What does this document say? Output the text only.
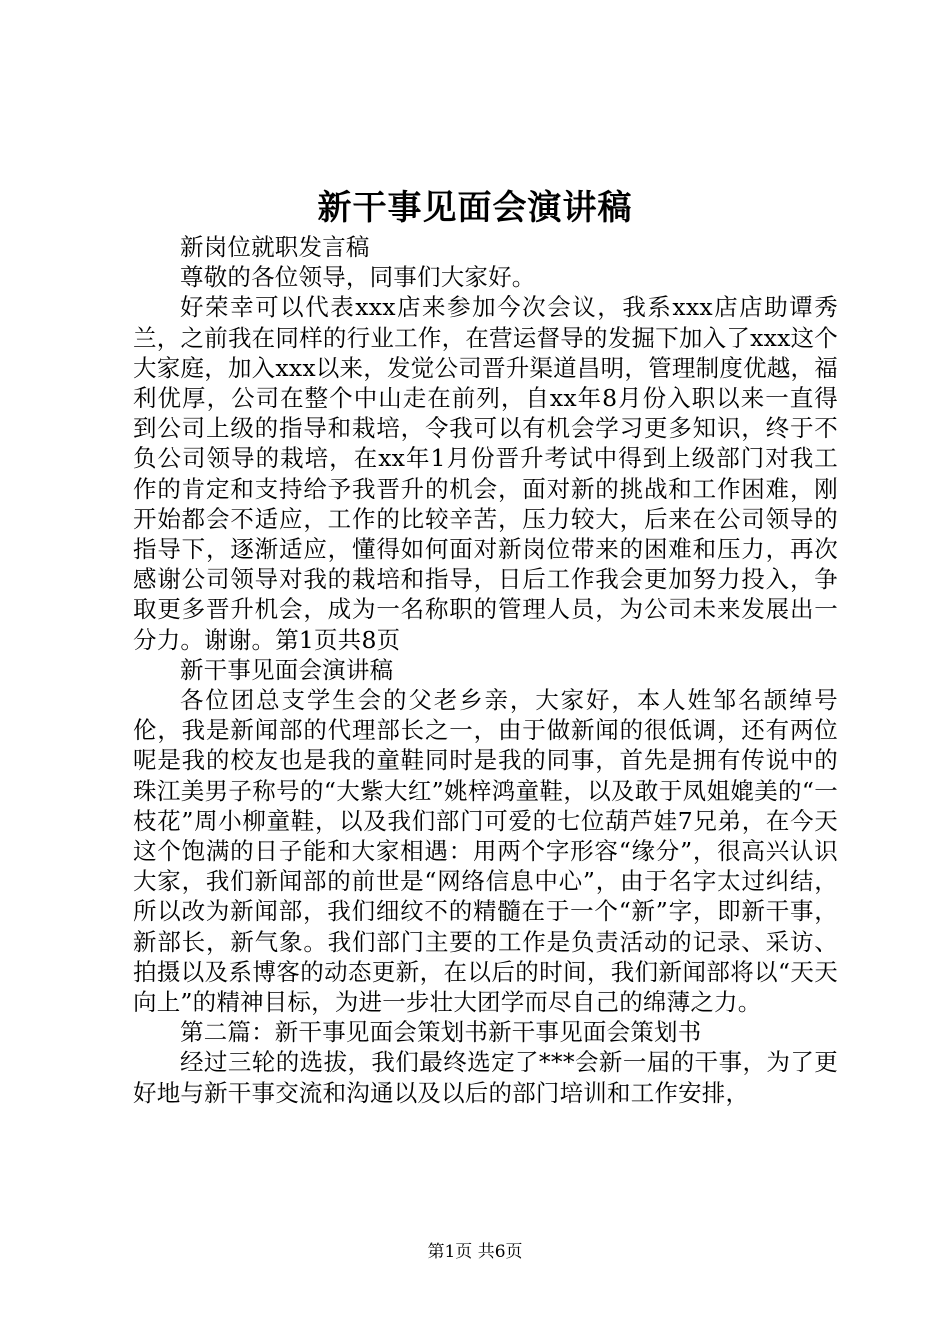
新干事见面会演讲稿

新岗位就职发言稿

尊敬的各位领导，同事们大家好。

好荣幸可以代表xxx店来参加今次会议，我系xxx店店助谭秀兰，之前我在同样的行业工作，在营运督导的发掘下加入了xxx这个大家庭，加入xxx以来，发觉公司晋升渠道昌明，管理制度优越，福利优厚，公司在整个中山走在前列，自xx年8月份入职以来一直得到公司上级的指导和栽培，令我可以有机会学习更多知识，终于不负公司领导的栽培，在xx年1月份晋升考试中得到上级部门对我工作的肯定和支持给予我晋升的机会，面对新的挑战和工作困难，刚开始都会不适应，工作的比较辛苦，压力较大，后来在公司领导的指导下，逐渐适应，懂得如何面对新岗位带来的困难和压力，再次感谢公司领导对我的栽培和指导，日后工作我会更加努力投入，争取更多晋升机会，成为一名称职的管理人员，为公司未来发展出一分力。谢谢。第1页共8页

新干事见面会演讲稿

各位团总支学生会的父老乡亲，大家好，本人姓邹名颉绰号伦，我是新闻部的代理部长之一，由于做新闻的很低调，还有两位呢是我的校友也是我的童鞋同时是我的同事，首先是拥有传说中的珠江美男子称号的“大紫大红”姚梓鸿童鞋，以及敢于凤姐媲美的“一枝花”周小柳童鞋，以及我们部门可爱的七位葫芦娃7兄弟，在今天这个饱满的日子能和大家相遇：用两个字形容“缘分”，很高兴认识大家，我们新闻部的前世是“网络信息中心”，由于名字太过纠结，所以改为新闻部，我们细纹不的精髓在于一个“新”字，即新干事，新部长，新气象。我们部门主要的工作是负责活动的记录、采访、拍摄以及系博客的动态更新，在以后的时间，我们新闻部将以“天天向上”的精神目标，为进一步壮大团学而尽自己的绵薄之力。

第二篇：新干事见面会策划书新干事见面会策划书

经过三轮的选拔，我们最终选定了***会新一届的干事，为了更好地与新干事交流和沟通以及以后的部门培训和工作安排，

第1页 共6页
